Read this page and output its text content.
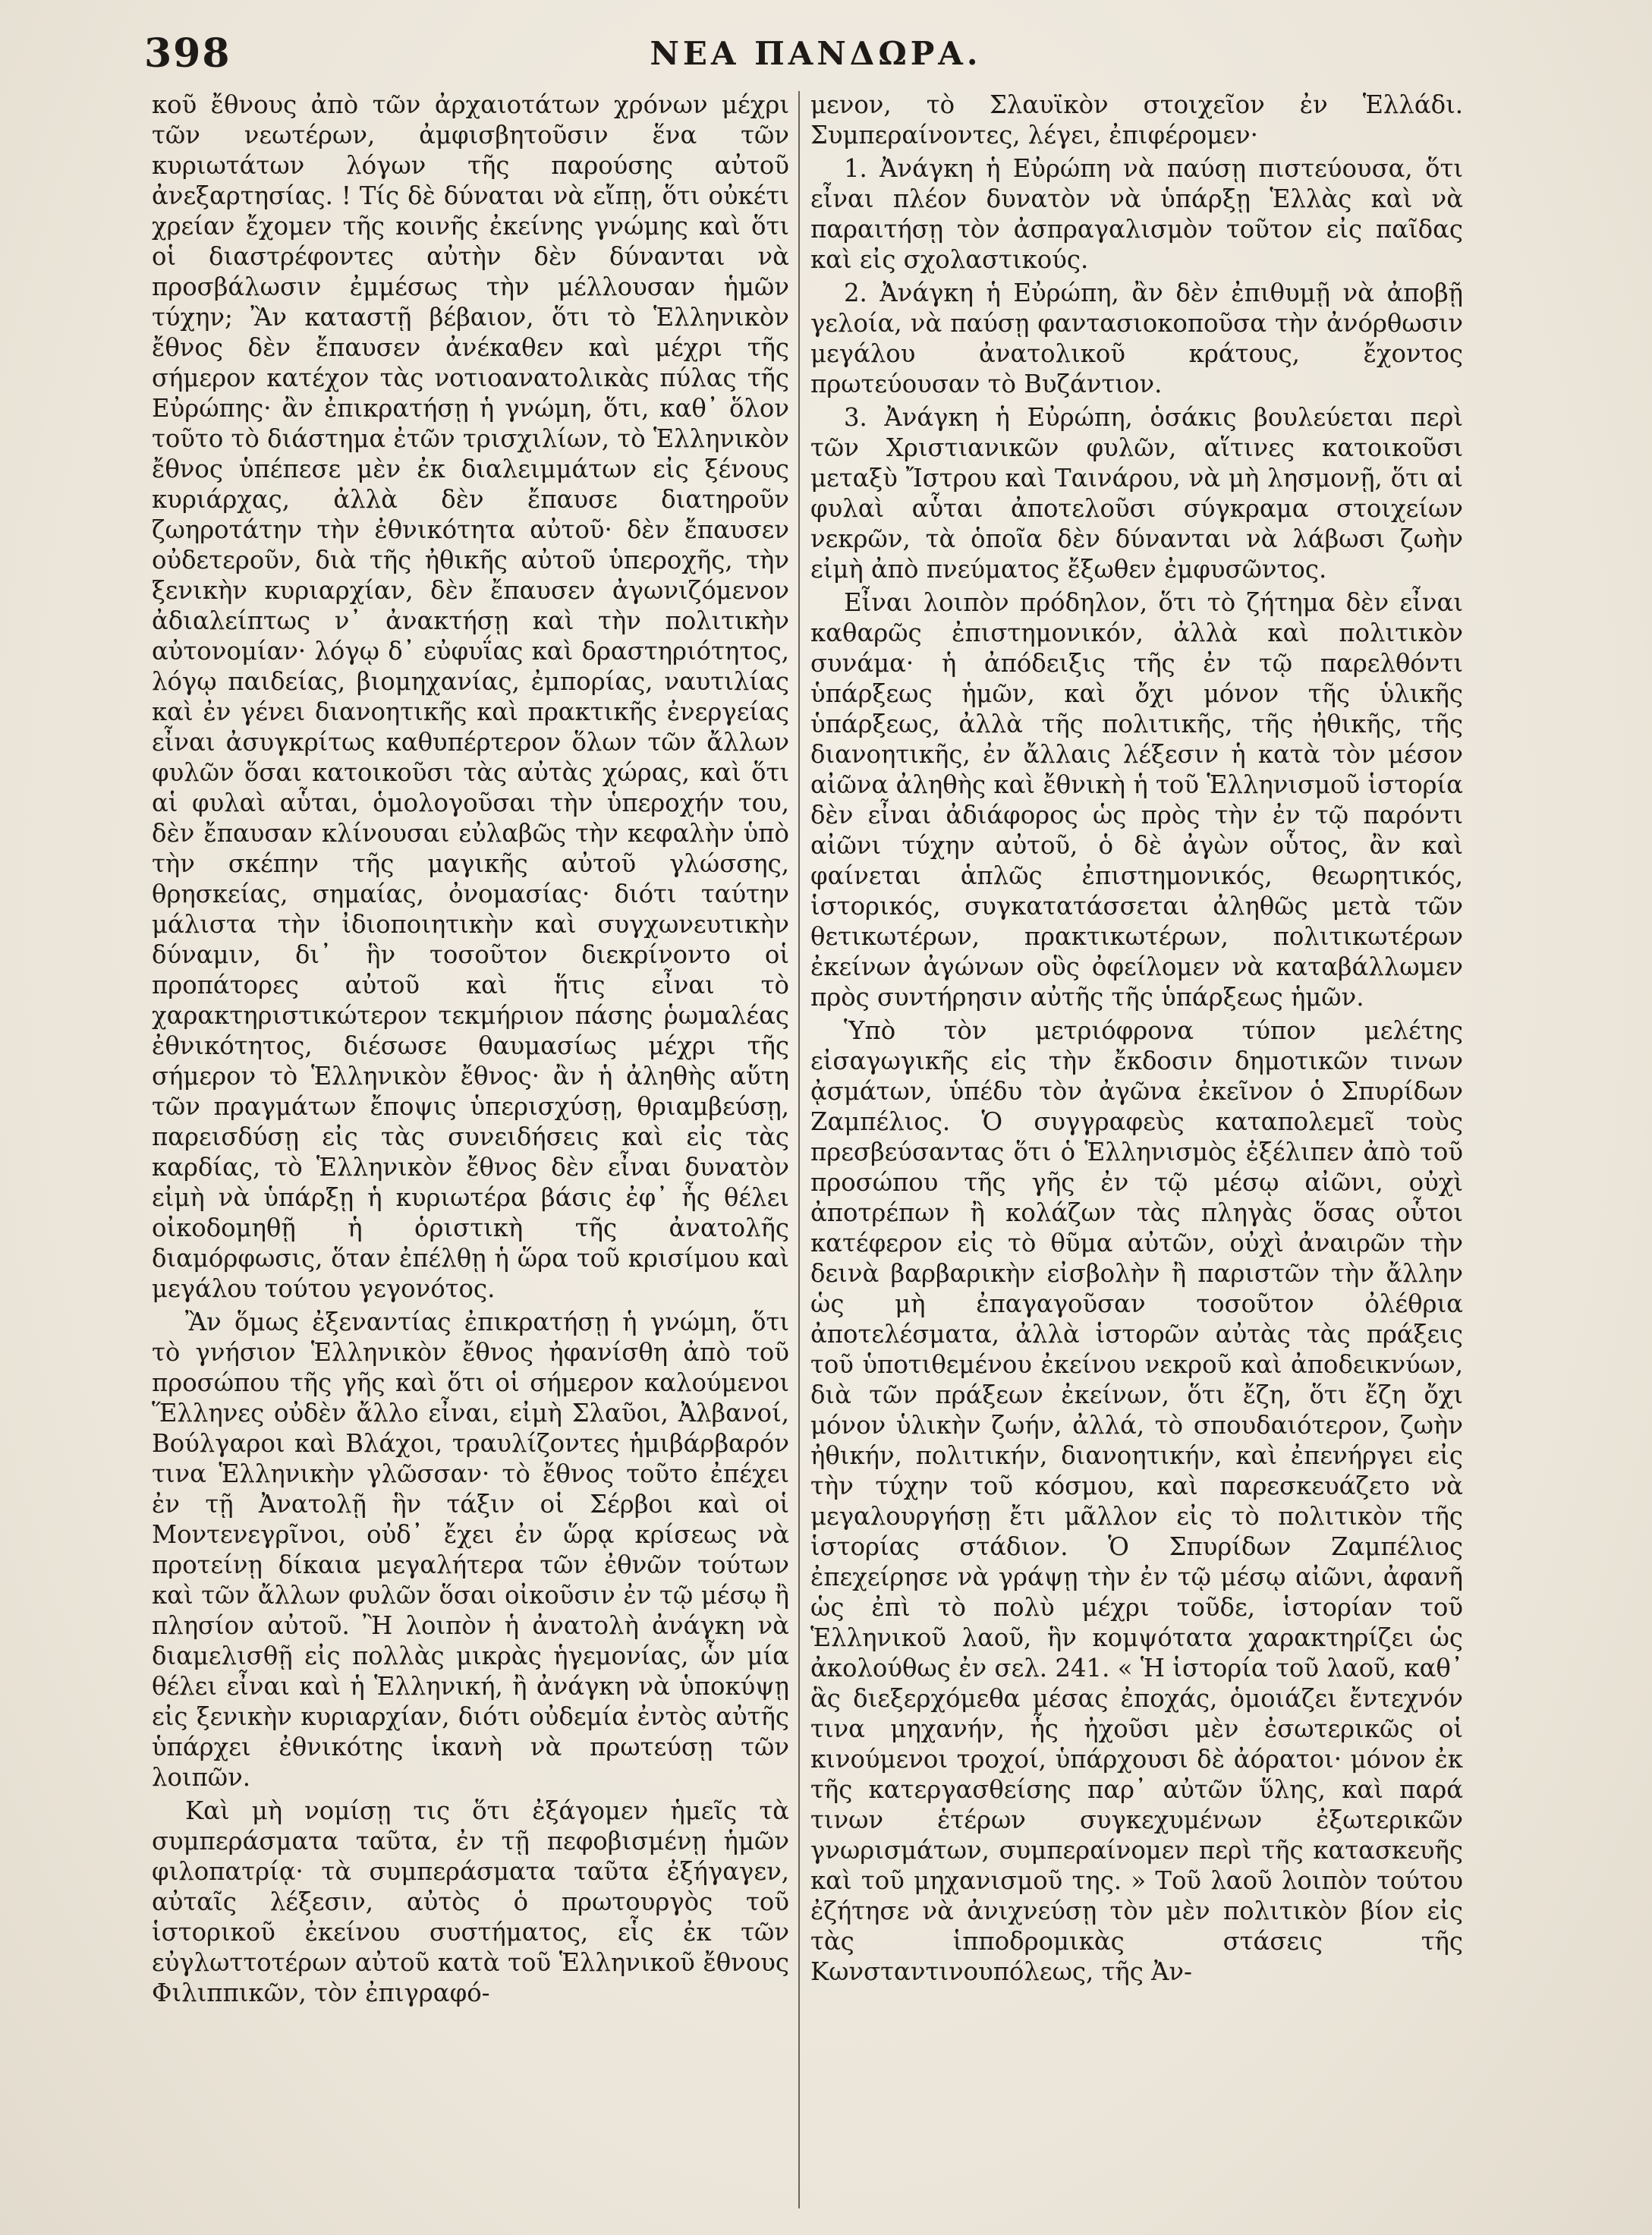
398	ΝΕΑ ΠΑΝΔΩΡΑ.

κοῦ ἔθνους ἀπὸ τῶν ἀρχαιοτάτων χρόνων μέχρι τῶν νεωτέρων, ἀμφισβητοῦσιν ἕνα τῶν κυριωτάτων λόγων τῆς παρούσης αὐτοῦ ἀνεξαρτησίας. ! Τίς δὲ δύναται νὰ εἴπῃ, ὅτι οὐκέτι χρείαν ἔχομεν τῆς κοινῆς ἐκείνης γνώμης καὶ ὅτι οἱ διαστρέφοντες αὐτὴν δὲν δύνανται νὰ προσβάλωσιν ἐμμέσως τὴν μέλλουσαν ἡμῶν τύχην; Ἂν καταστῇ βέβαιον, ὅτι τὸ Ἑλληνικὸν ἔθνος δὲν ἔπαυσεν ἀνέκαθεν καὶ μέχρι τῆς σήμερον κατέχον τὰς νοτιοανατολικὰς πύλας τῆς Εὐρώπης· ἂν ἐπικρατήσῃ ἡ γνώμη, ὅτι, καθ᾽ ὅλον τοῦτο τὸ διάστημα ἐτῶν τρισχιλίων, τὸ Ἑλληνικὸν ἔθνος ὑπέπεσε μὲν ἐκ διαλειμμάτων εἰς ξένους κυριάρχας, ἀλλὰ δὲν ἔπαυσε διατηροῦν ζωηροτάτην τὴν ἐθνικότητα αὐτοῦ· δὲν ἔπαυσεν οὐδετεροῦν, διὰ τῆς ἠθικῆς αὐτοῦ ὑπεροχῆς, τὴν ξενικὴν κυριαρχίαν, δὲν ἔπαυσεν ἀγωνιζόμενον ἀδιαλείπτως ν᾽ ἀνακτήσῃ καὶ τὴν πολιτικὴν αὐτονομίαν· λόγῳ δ᾽ εὐφυΐας καὶ δραστηριότητος, λόγῳ παιδείας, βιομηχανίας, ἐμπορίας, ναυτιλίας καὶ ἐν γένει διανοητικῆς καὶ πρακτικῆς ἐνεργείας εἶναι ἀσυγκρίτως καθυπέρτερον ὅλων τῶν ἄλλων φυλῶν ὅσαι κατοικοῦσι τὰς αὐτὰς χώρας, καὶ ὅτι αἱ φυλαὶ αὗται, ὁμολογοῦσαι τὴν ὑπεροχήν του, δὲν ἔπαυσαν κλίνουσαι εὐλαβῶς τὴν κεφαλὴν ὑπὸ τὴν σκέπην τῆς μαγικῆς αὐτοῦ γλώσσης, θρησκείας, σημαίας, ὀνομασίας· διότι ταύτην μάλιστα τὴν ἰδιοποιητικὴν καὶ συγχωνευτικὴν δύναμιν, δι᾽ ἣν τοσοῦτον διεκρίνοντο οἱ προπάτορες αὐτοῦ καὶ ἥτις εἶναι τὸ χαρακτηριστικώτερον τεκμήριον πάσης ῥωμαλέας ἐθνικότητος, διέσωσε θαυμασίως μέχρι τῆς σήμερον τὸ Ἑλληνικὸν ἔθνος· ἂν ἡ ἀληθὴς αὕτη τῶν πραγμάτων ἔποψις ὑπερισχύσῃ, θριαμβεύσῃ, παρεισδύσῃ εἰς τὰς συνειδήσεις καὶ εἰς τὰς καρδίας, τὸ Ἑλληνικὸν ἔθνος δὲν εἶναι δυνατὸν εἰμὴ νὰ ὑπάρξῃ ἡ κυριωτέρα βάσις ἐφ᾽ ἧς θέλει οἰκοδομηθῇ ἡ ὁριστικὴ τῆς ἀνατολῆς διαμόρφωσις, ὅταν ἐπέλθῃ ἡ ὥρα τοῦ κρισίμου καὶ μεγάλου τούτου γεγονότος.

Ἂν ὅμως ἐξεναντίας ἐπικρατήσῃ ἡ γνώμη, ὅτι τὸ γνήσιον Ἑλληνικὸν ἔθνος ἠφανίσθη ἀπὸ τοῦ προσώπου τῆς γῆς καὶ ὅτι οἱ σήμερον καλούμενοι Ἕλληνες οὐδὲν ἄλλο εἶναι, εἰμὴ Σλαῦοι, Ἀλβανοί, Βούλγαροι καὶ Βλάχοι, τραυλίζοντες ἡμιβάρβαρόν τινα Ἑλληνικὴν γλῶσσαν· τὸ ἔθνος τοῦτο ἐπέχει ἐν τῇ Ἀνατολῇ ἣν τάξιν οἱ Σέρβοι καὶ οἱ Μοντενεγρῖνοι, οὐδ᾽ ἔχει ἐν ὥρᾳ κρίσεως νὰ προτείνῃ δίκαια μεγαλήτερα τῶν ἐθνῶν τούτων καὶ τῶν ἄλλων φυλῶν ὅσαι οἰκοῦσιν ἐν τῷ μέσῳ ἢ πλησίον αὐτοῦ. Ἢ λοιπὸν ἡ ἀνατολὴ ἀνάγκη νὰ διαμελισθῇ εἰς πολλὰς μικρὰς ἡγεμονίας, ὧν μία θέλει εἶναι καὶ ἡ Ἑλληνική, ἢ ἀνάγκη νὰ ὑποκύψῃ εἰς ξενικὴν κυριαρχίαν, διότι οὐδεμία ἐντὸς αὐτῆς ὑπάρχει ἐθνικότης ἱκανὴ νὰ πρωτεύσῃ τῶν λοιπῶν.

Καὶ μὴ νομίσῃ τις ὅτι ἐξάγομεν ἡμεῖς τὰ συμπεράσματα ταῦτα, ἐν τῇ πεφοβισμένῃ ἡμῶν φιλοπατρίᾳ· τὰ συμπεράσματα ταῦτα ἐξήγαγεν, αὐταῖς λέξεσιν, αὐτὸς ὁ πρωτουργὸς τοῦ ἱστορικοῦ ἐκείνου συστήματος, εἷς ἐκ τῶν εὐγλωττοτέρων αὐτοῦ κατὰ τοῦ Ἑλληνικοῦ ἔθνους Φιλιππικῶν, τὸν ἐπιγραφό-

μενον, τὸ Σλαυϊκὸν στοιχεῖον ἐν Ἑλλάδι. Συμπεραίνοντες, λέγει, ἐπιφέρομεν·

1. Ἀνάγκη ἡ Εὐρώπη νὰ παύσῃ πιστεύουσα, ὅτι εἶναι πλέον δυνατὸν νὰ ὑπάρξῃ Ἑλλὰς καὶ νὰ παραιτήσῃ τὸν ἀσπραγαλισμὸν τοῦτον εἰς παῖδας καὶ εἰς σχολαστικούς.

2. Ἀνάγκη ἡ Εὐρώπη, ἂν δὲν ἐπιθυμῇ νὰ ἀποβῇ γελοία, νὰ παύσῃ φαντασιοκοποῦσα τὴν ἀνόρθωσιν μεγάλου ἀνατολικοῦ κράτους, ἔχοντος πρωτεύουσαν τὸ Βυζάντιον.

3. Ἀνάγκη ἡ Εὐρώπη, ὁσάκις βουλεύεται περὶ τῶν Χριστιανικῶν φυλῶν, αἵτινες κατοικοῦσι μεταξὺ Ἴστρου καὶ Ταινάρου, νὰ μὴ λησμονῇ, ὅτι αἱ φυλαὶ αὗται ἀποτελοῦσι σύγκραμα στοιχείων νεκρῶν, τὰ ὁποῖα δὲν δύνανται νὰ λάβωσι ζωὴν εἰμὴ ἀπὸ πνεύματος ἔξωθεν ἐμφυσῶντος.

Εἶναι λοιπὸν πρόδηλον, ὅτι τὸ ζήτημα δὲν εἶναι καθαρῶς ἐπιστημονικόν, ἀλλὰ καὶ πολιτικὸν συνάμα· ἡ ἀπόδειξις τῆς ἐν τῷ παρελθόντι ὑπάρξεως ἡμῶν, καὶ ὄχι μόνον τῆς ὑλικῆς ὑπάρξεως, ἀλλὰ τῆς πολιτικῆς, τῆς ἠθικῆς, τῆς διανοητικῆς, ἐν ἄλλαις λέξεσιν ἡ κατὰ τὸν μέσον αἰῶνα ἀληθὴς καὶ ἔθνικὴ ἡ τοῦ Ἑλληνισμοῦ ἱστορία δὲν εἶναι ἀδιάφορος ὡς πρὸς τὴν ἐν τῷ παρόντι αἰῶνι τύχην αὐτοῦ, ὁ δὲ ἀγὼν οὗτος, ἂν καὶ φαίνεται ἁπλῶς ἐπιστημονικός, θεωρητικός, ἱστορικός, συγκατατάσσεται ἀληθῶς μετὰ τῶν θετικωτέρων, πρακτικωτέρων, πολιτικωτέρων ἐκείνων ἀγώνων οὓς ὀφείλομεν νὰ καταβάλλωμεν πρὸς συντήρησιν αὐτῆς τῆς ὑπάρξεως ἡμῶν.

Ὑπὸ τὸν μετριόφρονα τύπον μελέτης εἰσαγωγικῆς εἰς τὴν ἔκδοσιν δημοτικῶν τινων ᾀσμάτων, ὑπέδυ τὸν ἀγῶνα ἐκεῖνον ὁ Σπυρίδων Ζαμπέλιος. Ὁ συγγραφεὺς καταπολεμεῖ τοὺς πρεσβεύσαντας ὅτι ὁ Ἑλληνισμὸς ἐξέλιπεν ἀπὸ τοῦ προσώπου τῆς γῆς ἐν τῷ μέσῳ αἰῶνι, οὐχὶ ἀποτρέπων ἢ κολάζων τὰς πληγὰς ὅσας οὗτοι κατέφερον εἰς τὸ θῦμα αὐτῶν, οὐχὶ ἀναιρῶν τὴν δεινὰ βαρβαρικὴν εἰσβολὴν ἢ παριστῶν τὴν ἄλλην ὡς μὴ ἐπαγαγοῦσαν τοσοῦτον ὀλέθρια ἀποτελέσματα, ἀλλὰ ἱστορῶν αὐτὰς τὰς πράξεις τοῦ ὑποτιθεμένου ἐκείνου νεκροῦ καὶ ἀποδεικνύων, διὰ τῶν πράξεων ἐκείνων, ὅτι ἔζη, ὅτι ἔζη ὄχι μόνον ὑλικὴν ζωήν, ἀλλά, τὸ σπουδαιότερον, ζωὴν ἠθικήν, πολιτικήν, διανοητικήν, καὶ ἐπενήργει εἰς τὴν τύχην τοῦ κόσμου, καὶ παρεσκευάζετο νὰ μεγαλουργήσῃ ἔτι μᾶλλον εἰς τὸ πολιτικὸν τῆς ἱστορίας στάδιον. Ὁ Σπυρίδων Ζαμπέλιος ἐπεχείρησε νὰ γράψῃ τὴν ἐν τῷ μέσῳ αἰῶνι, ἀφανῆ ὡς ἐπὶ τὸ πολὺ μέχρι τοῦδε, ἱστορίαν τοῦ Ἑλληνικοῦ λαοῦ, ἣν κομψότατα χαρακτηρίζει ὡς ἀκολούθως ἐν σελ. 241. « Ἡ ἱστορία τοῦ λαοῦ, καθ᾽ ἃς διεξερχόμεθα μέσας ἐποχάς, ὁμοιάζει ἔντεχνόν τινα μηχανήν, ἧς ἠχοῦσι μὲν ἐσωτερικῶς οἱ κινούμενοι τροχοί, ὑπάρχουσι δὲ ἀόρατοι· μόνον ἐκ τῆς κατεργασθείσης παρ᾽ αὐτῶν ὕλης, καὶ παρά τινων ἑτέρων συγκεχυμένων ἐξωτερικῶν γνωρισμάτων, συμπεραίνομεν περὶ τῆς κατασκευῆς καὶ τοῦ μηχανισμοῦ της. » Τοῦ λαοῦ λοιπὸν τούτου ἐζήτησε νὰ ἀνιχνεύσῃ τὸν μὲν πολιτικὸν βίον εἰς τὰς ἱπποδρομικὰς στάσεις τῆς Κωνσταντινουπόλεως, τῆς Ἀν-
